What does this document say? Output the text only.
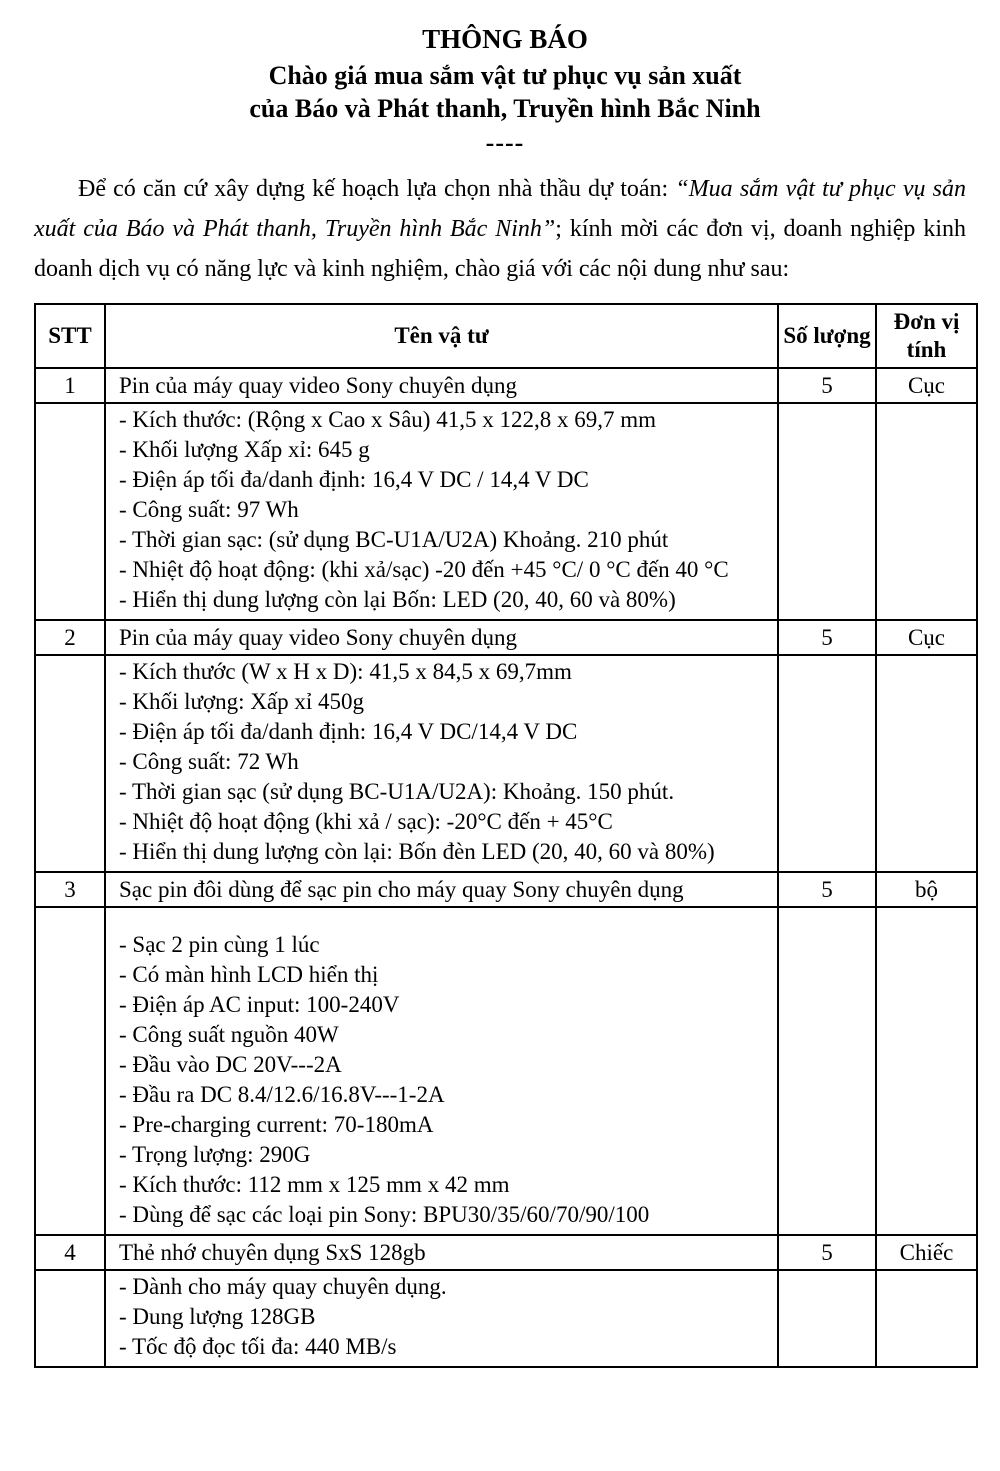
THÔNG BÁO
Chào giá mua sắm vật tư phục vụ sản xuất
của Báo và Phát thanh, Truyền hình Bắc Ninh
----

Để có căn cứ xây dựng kế hoạch lựa chọn nhà thầu dự toán: “Mua sắm vật tư phục vụ sản xuất của Báo và Phát thanh, Truyền hình Bắc Ninh”; kính mời các đơn vị, doanh nghiệp kinh doanh dịch vụ có năng lực và kinh nghiệm, chào giá với các nội dung như sau:

STT	Tên vậ tư	Số lượng	Đơn vị tính
1	Pin của máy quay video Sony chuyên dụng	5	Cục

- Kích thước: (Rộng x Cao x Sâu) 41,5 x 122,8 x 69,7 mm
- Khối lượng Xấp xỉ: 645 g
- Điện áp tối đa/danh định: 16,4 V DC / 14,4 V DC
- Công suất: 97 Wh
- Thời gian sạc: (sử dụng BC-U1A/U2A) Khoảng. 210 phút
- Nhiệt độ hoạt động: (khi xả/sạc) -20 đến +45 °C/ 0 °C đến 40 °C
- Hiển thị dung lượng còn lại Bốn: LED (20, 40, 60 và 80%)

2	Pin của máy quay video Sony chuyên dụng	5	Cục

- Kích thước (W x H x D): 41,5 x 84,5 x 69,7mm
- Khối lượng: Xấp xỉ 450g
- Điện áp tối đa/danh định: 16,4 V DC/14,4 V DC
- Công suất: 72 Wh
- Thời gian sạc (sử dụng BC-U1A/U2A): Khoảng. 150 phút.
- Nhiệt độ hoạt động (khi xả / sạc): -20°C đến + 45°C
- Hiển thị dung lượng còn lại: Bốn đèn LED (20, 40, 60 và 80%)

3	Sạc pin đôi dùng để sạc pin cho máy quay Sony chuyên dụng	5	bộ

- Sạc 2 pin cùng 1 lúc
- Có màn hình LCD hiển thị
- Điện áp AC input: 100-240V
- Công suất nguồn 40W
- Đầu vào DC 20V---2A
- Đầu ra DC 8.4/12.6/16.8V---1-2A
- Pre-charging current: 70-180mA
- Trọng lượng: 290G
- Kích thước: 112 mm x 125 mm x 42 mm
- Dùng để sạc các loại pin Sony: BPU30/35/60/70/90/100

4	Thẻ nhớ chuyên dụng SxS 128gb	5	Chiếc

	- Dành cho máy quay chuyên dụng.
- Dung lượng 128GB
- Tốc độ đọc tối đa: 440 MB/s		
